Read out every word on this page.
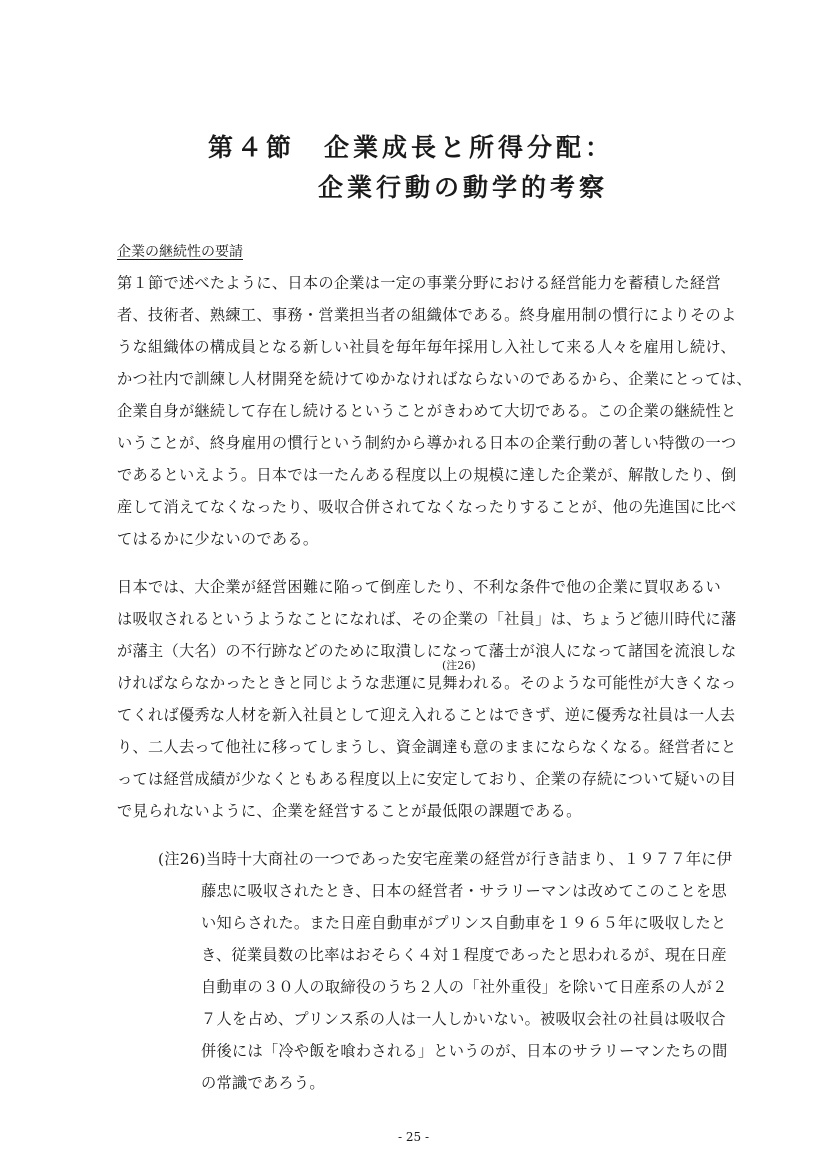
第４節　企業成長と所得分配：
企業行動の動学的考察
企業の継続性の要請
第１節で述べたように、日本の企業は一定の事業分野における経営能力を蓄積した経営
者、技術者、熟練工、事務・営業担当者の組織体である。終身雇用制の慣行によりそのよ
うな組織体の構成員となる新しい社員を毎年毎年採用し入社して来る人々を雇用し続け、
かつ社内で訓練し人材開発を続けてゆかなければならないのであるから、企業にとっては、
企業自身が継続して存在し続けるということがきわめて大切である。この企業の継続性と
いうことが、終身雇用の慣行という制約から導かれる日本の企業行動の著しい特徴の一つ
であるといえよう。日本では一たんある程度以上の規模に達した企業が、解散したり、倒
産して消えてなくなったり、吸収合併されてなくなったりすることが、他の先進国に比べ
てはるかに少ないのである。
日本では、大企業が経営困難に陥って倒産したり、不利な条件で他の企業に買収あるい
は吸収されるというようなことになれば、その企業の「社員」は、ちょうど徳川時代に藩
が藩主（大名）の不行跡などのために取潰しになって藩士が浪人になって諸国を流浪しな
(注26)
ければならなかったときと同じような悲運に見舞われる。そのような可能性が大きくなっ
てくれば優秀な人材を新入社員として迎え入れることはできず、逆に優秀な社員は一人去
り、二人去って他社に移ってしまうし、資金調達も意のままにならなくなる。経営者にと
っては経営成績が少なくともある程度以上に安定しており、企業の存続について疑いの目
で見られないように、企業を経営することが最低限の課題である。
(注26)当時十大商社の一つであった安宅産業の経営が行き詰まり、１９７７年に伊
藤忠に吸収されたとき、日本の経営者・サラリーマンは改めてこのことを思
い知らされた。また日産自動車がプリンス自動車を１９６５年に吸収したと
き、従業員数の比率はおそらく４対１程度であったと思われるが、現在日産
自動車の３０人の取締役のうち２人の「社外重役」を除いて日産系の人が２
７人を占め、プリンス系の人は一人しかいない。被吸収会社の社員は吸収合
併後には「冷や飯を喰わされる」というのが、日本のサラリーマンたちの間
の常識であろう。
- 25 -
